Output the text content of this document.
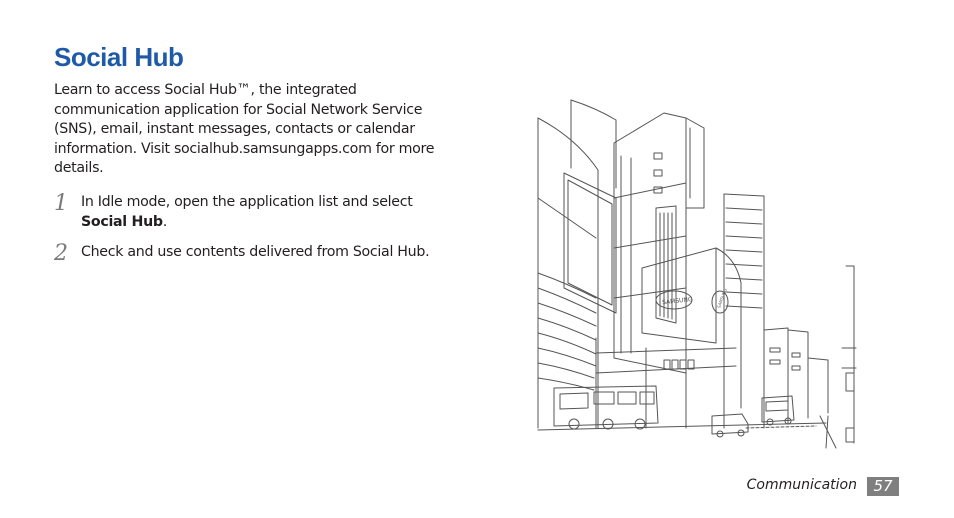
Social Hub

Learn to access Social Hub™, the integrated communication application for Social Network Service (SNS), email, instant messages, contacts or calendar information. Visit socialhub.samsungapps.com for more details.

1 In Idle mode, open the application list and select Social Hub.
2 Check and use contents delivered from Social Hub.
SAMSUNG	SAMSUNG
Communication	57
